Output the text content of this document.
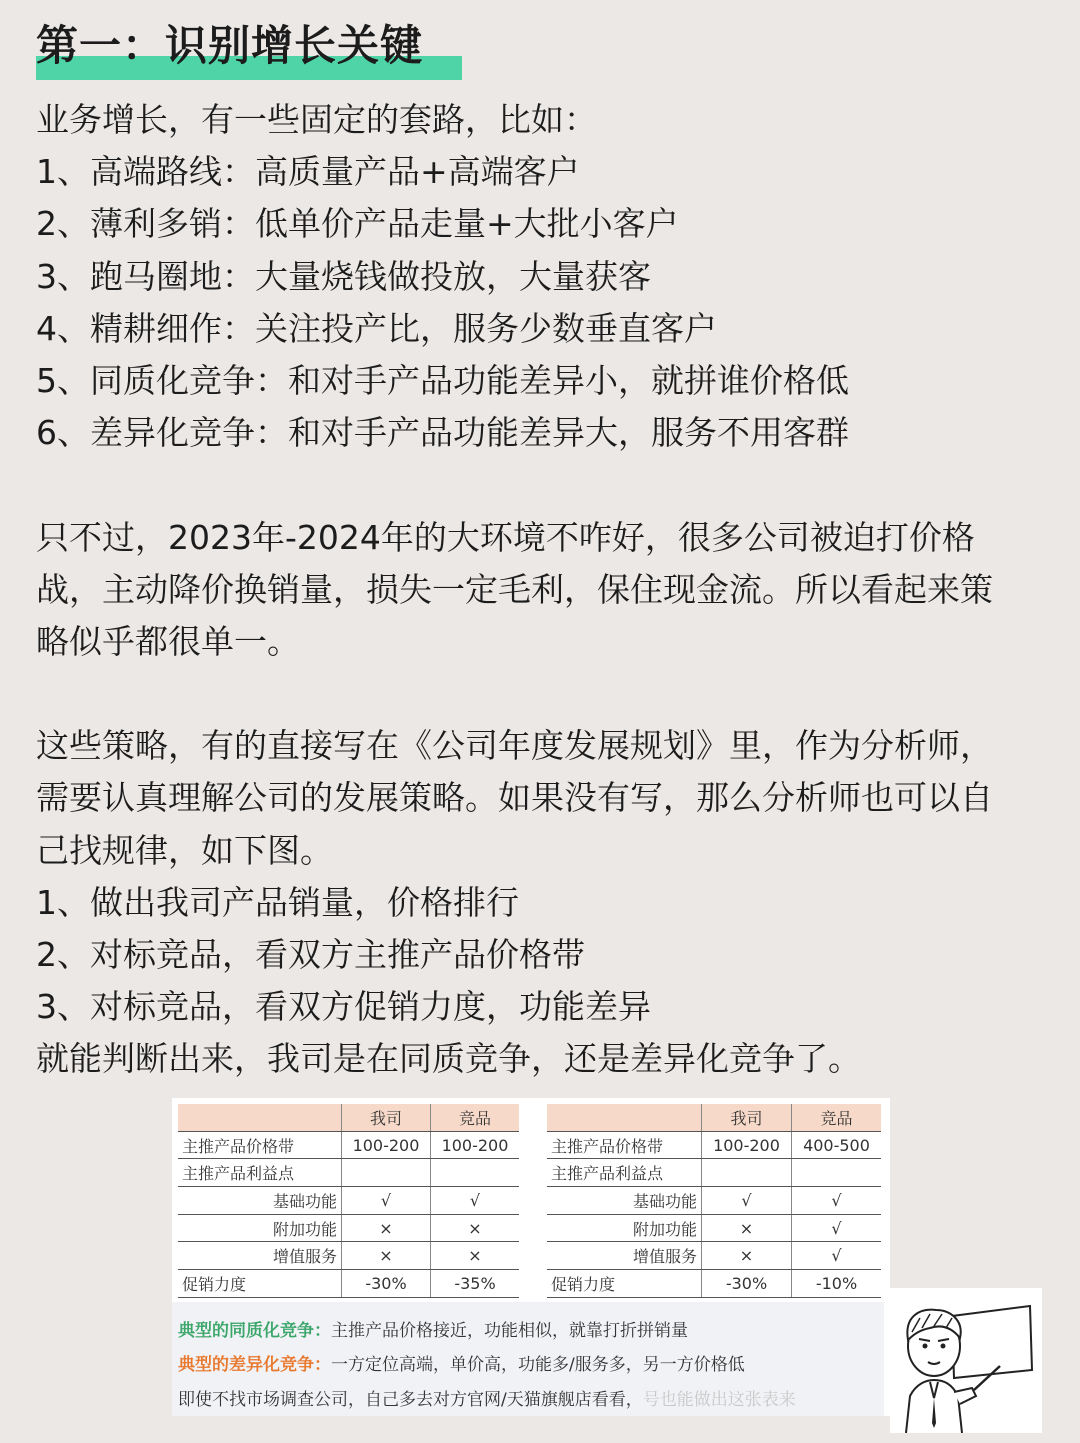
第一：识别增长关键
业务增长，有一些固定的套路，比如：
1、高端路线：高质量产品+高端客户
2、薄利多销：低单价产品走量+大批小客户
3、跑马圈地：大量烧钱做投放，大量获客
4、精耕细作：关注投产比，服务少数垂直客户
5、同质化竞争：和对手产品功能差异小，就拼谁价格低
6、差异化竞争：和对手产品功能差异大，服务不用客群
只不过，2023年-2024年的大环境不咋好，很多公司被迫打价格
战，主动降价换销量，损失一定毛利，保住现金流。所以看起来策
略似乎都很单一。
这些策略，有的直接写在《公司年度发展规划》里，作为分析师，
需要认真理解公司的发展策略。如果没有写，那么分析师也可以自
己找规律，如下图。
1、做出我司产品销量，价格排行
2、对标竞品，看双方主推产品价格带
3、对标竞品，看双方促销力度，功能差异
就能判断出来，我司是在同质竞争，还是差异化竞争了。
	我司	竞品
主推产品价格带	100-200	100-200
主推产品利益点		
基础功能	√	√
附加功能	×	×
增值服务	×	×
促销力度	-30%	-35%
	我司	竞品
主推产品价格带	100-200	400-500
主推产品利益点		
基础功能	√	√
附加功能	×	√
增值服务	×	√
促销力度	-30%	-10%
典型的同质化竞争：主推产品价格接近，功能相似，就靠打折拼销量
典型的差异化竞争：一方定位高端，单价高，功能多/服务多，另一方价格低
即使不找市场调查公司，自己多去对方官网/天猫旗舰店看看，号也能做出这张表来
